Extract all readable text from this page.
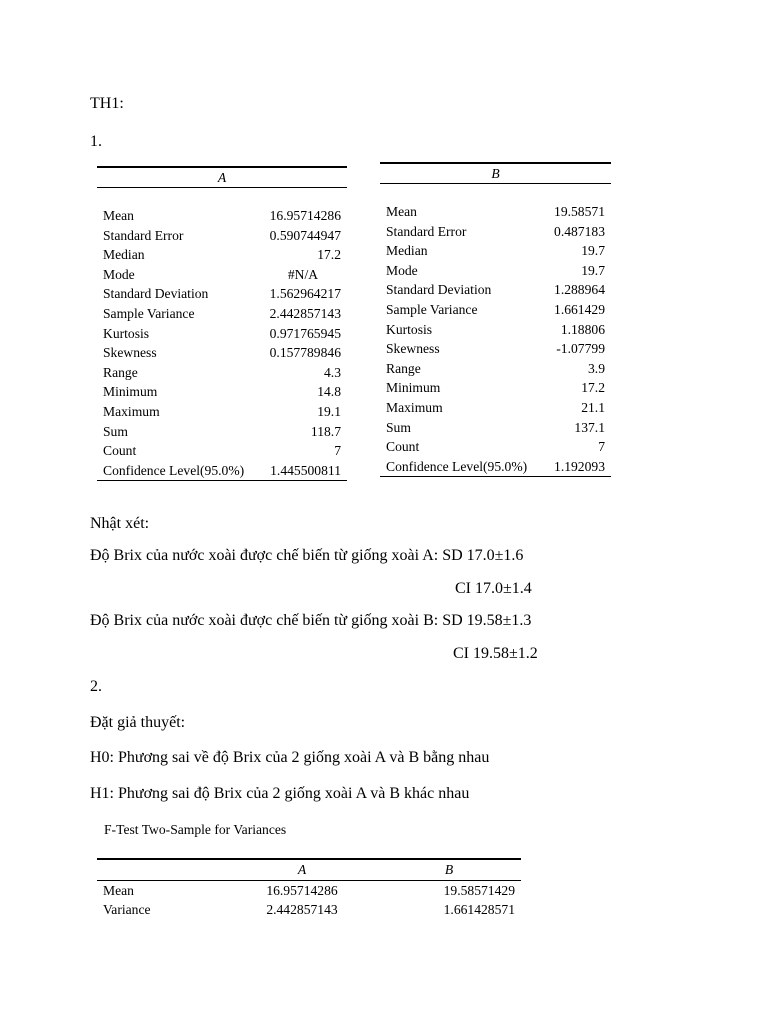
TH1:
1.
A	

Mean	16.95714286
Standard Error	0.590744947
Median	17.2
Mode	#N/A
Standard Deviation	1.562964217
Sample Variance	2.442857143
Kurtosis	0.971765945
Skewness	0.157789846
Range	4.3
Minimum	14.8
Maximum	19.1
Sum	118.7
Count	7
Confidence Level(95.0%)	1.445500811
B	

Mean	19.58571
Standard Error	0.487183
Median	19.7
Mode	19.7
Standard Deviation	1.288964
Sample Variance	1.661429
Kurtosis	1.18806
Skewness	-1.07799
Range	3.9
Minimum	17.2
Maximum	21.1
Sum	137.1
Count	7
Confidence Level(95.0%)	1.192093
Nhật xét:
Độ Brix của nước xoài được chế biến từ giống xoài A: SD 17.0±1.6
CI 17.0±1.4
Độ Brix của nước xoài được chế biến từ giống xoài B: SD 19.58±1.3
CI 19.58±1.2
2.
Đặt giả thuyết:
H0: Phương sai về độ Brix của 2 giống xoài A và B bằng nhau
H1: Phương sai độ Brix của 2 giống xoài A và B khác nhau
F-Test Two-Sample for Variances
	A	B
Mean	16.95714286	19.58571429
Variance	2.442857143	1.661428571
